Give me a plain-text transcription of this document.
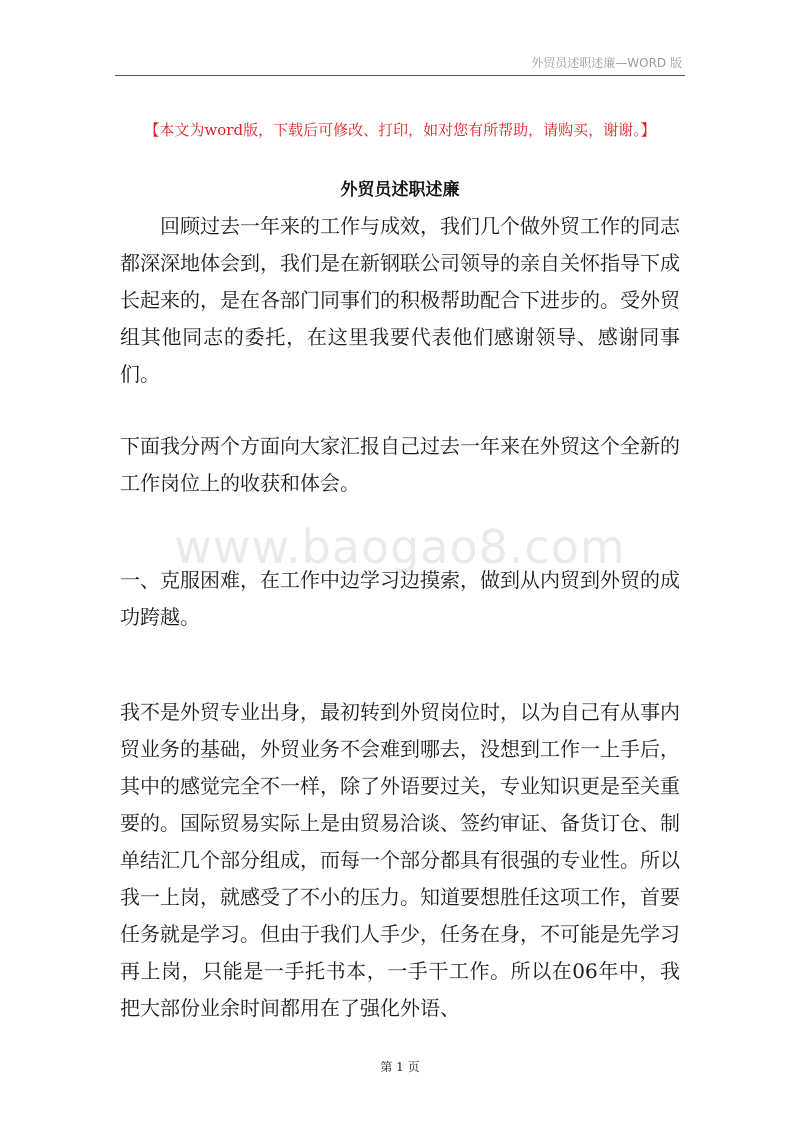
外贸员述职述廉—WORD 版
【本文为word版，下载后可修改、打印，如对您有所帮助，请购买，谢谢。】
外贸员述职述廉

回顾过去一年来的工作与成效，我们几个做外贸工作的同志都深深地体会到，我们是在新钢联公司领导的亲自关怀指导下成长起来的，是在各部门同事们的积极帮助配合下进步的。受外贸组其他同志的委托，在这里我要代表他们感谢领导、感谢同事们。

下面我分两个方面向大家汇报自己过去一年来在外贸这个全新的工作岗位上的收获和体会。

www.baogao8.com

一、克服困难，在工作中边学习边摸索，做到从内贸到外贸的成功跨越。

我不是外贸专业出身，最初转到外贸岗位时，以为自己有从事内贸业务的基础，外贸业务不会难到哪去，没想到工作一上手后，其中的感觉完全不一样，除了外语要过关，专业知识更是至关重要的。国际贸易实际上是由贸易洽谈、签约审证、备货订仓、制单结汇几个部分组成，而每一个部分都具有很强的专业性。所以我一上岗，就感受了不小的压力。知道要想胜任这项工作，首要任务就是学习。但由于我们人手少，任务在身，不可能是先学习再上岗，只能是一手托书本，一手干工作。所以在06年中，我把大部份业余时间都用在了强化外语、

第 1 页
